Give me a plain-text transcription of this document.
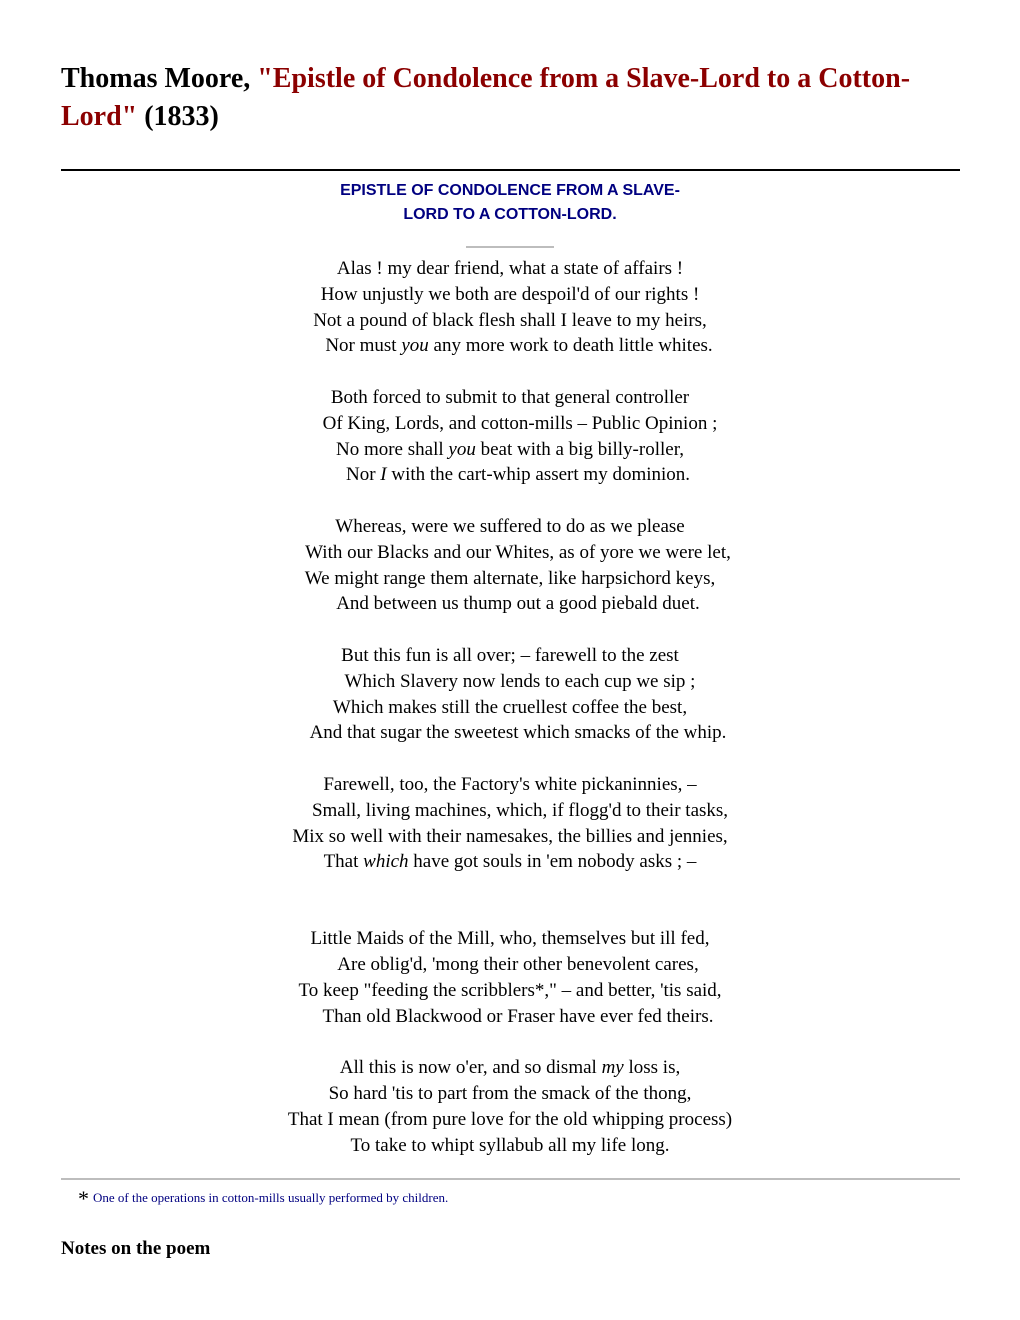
Thomas Moore, "Epistle of Condolence from a Slave-Lord to a Cotton-Lord" (1833)
EPISTLE OF CONDOLENCE FROM A SLAVE-
LORD TO A COTTON-LORD.
Alas ! my dear friend, what a state of affairs !
How unjustly we both are despoil'd of our rights !
Not a pound of black flesh shall I leave to my heirs,
Nor must you any more work to death little whites.
Both forced to submit to that general controller
Of King, Lords, and cotton-mills – Public Opinion ;
No more shall you beat with a big billy-roller,
Nor I with the cart-whip assert my dominion.
Whereas, were we suffered to do as we please
With our Blacks and our Whites, as of yore we were let,
We might range them alternate, like harpsichord keys,
And between us thump out a good piebald duet.
But this fun is all over; – farewell to the zest
Which Slavery now lends to each cup we sip ;
Which makes still the cruellest coffee the best,
And that sugar the sweetest which smacks of the whip.
Farewell, too, the Factory's white pickaninnies, –
Small, living machines, which, if flogg'd to their tasks,
Mix so well with their namesakes, the billies and jennies,
That which have got souls in 'em nobody asks ; –
Little Maids of the Mill, who, themselves but ill fed,
Are oblig'd, 'mong their other benevolent cares,
To keep "feeding the scribblers*," – and better, 'tis said,
Than old Blackwood or Fraser have ever fed theirs.
All this is now o'er, and so dismal my loss is,
So hard 'tis to part from the smack of the thong,
That I mean (from pure love for the old whipping process)
To take to whipt syllabub all my life long.
* One of the operations in cotton-mills usually performed by children.
Notes on the poem
